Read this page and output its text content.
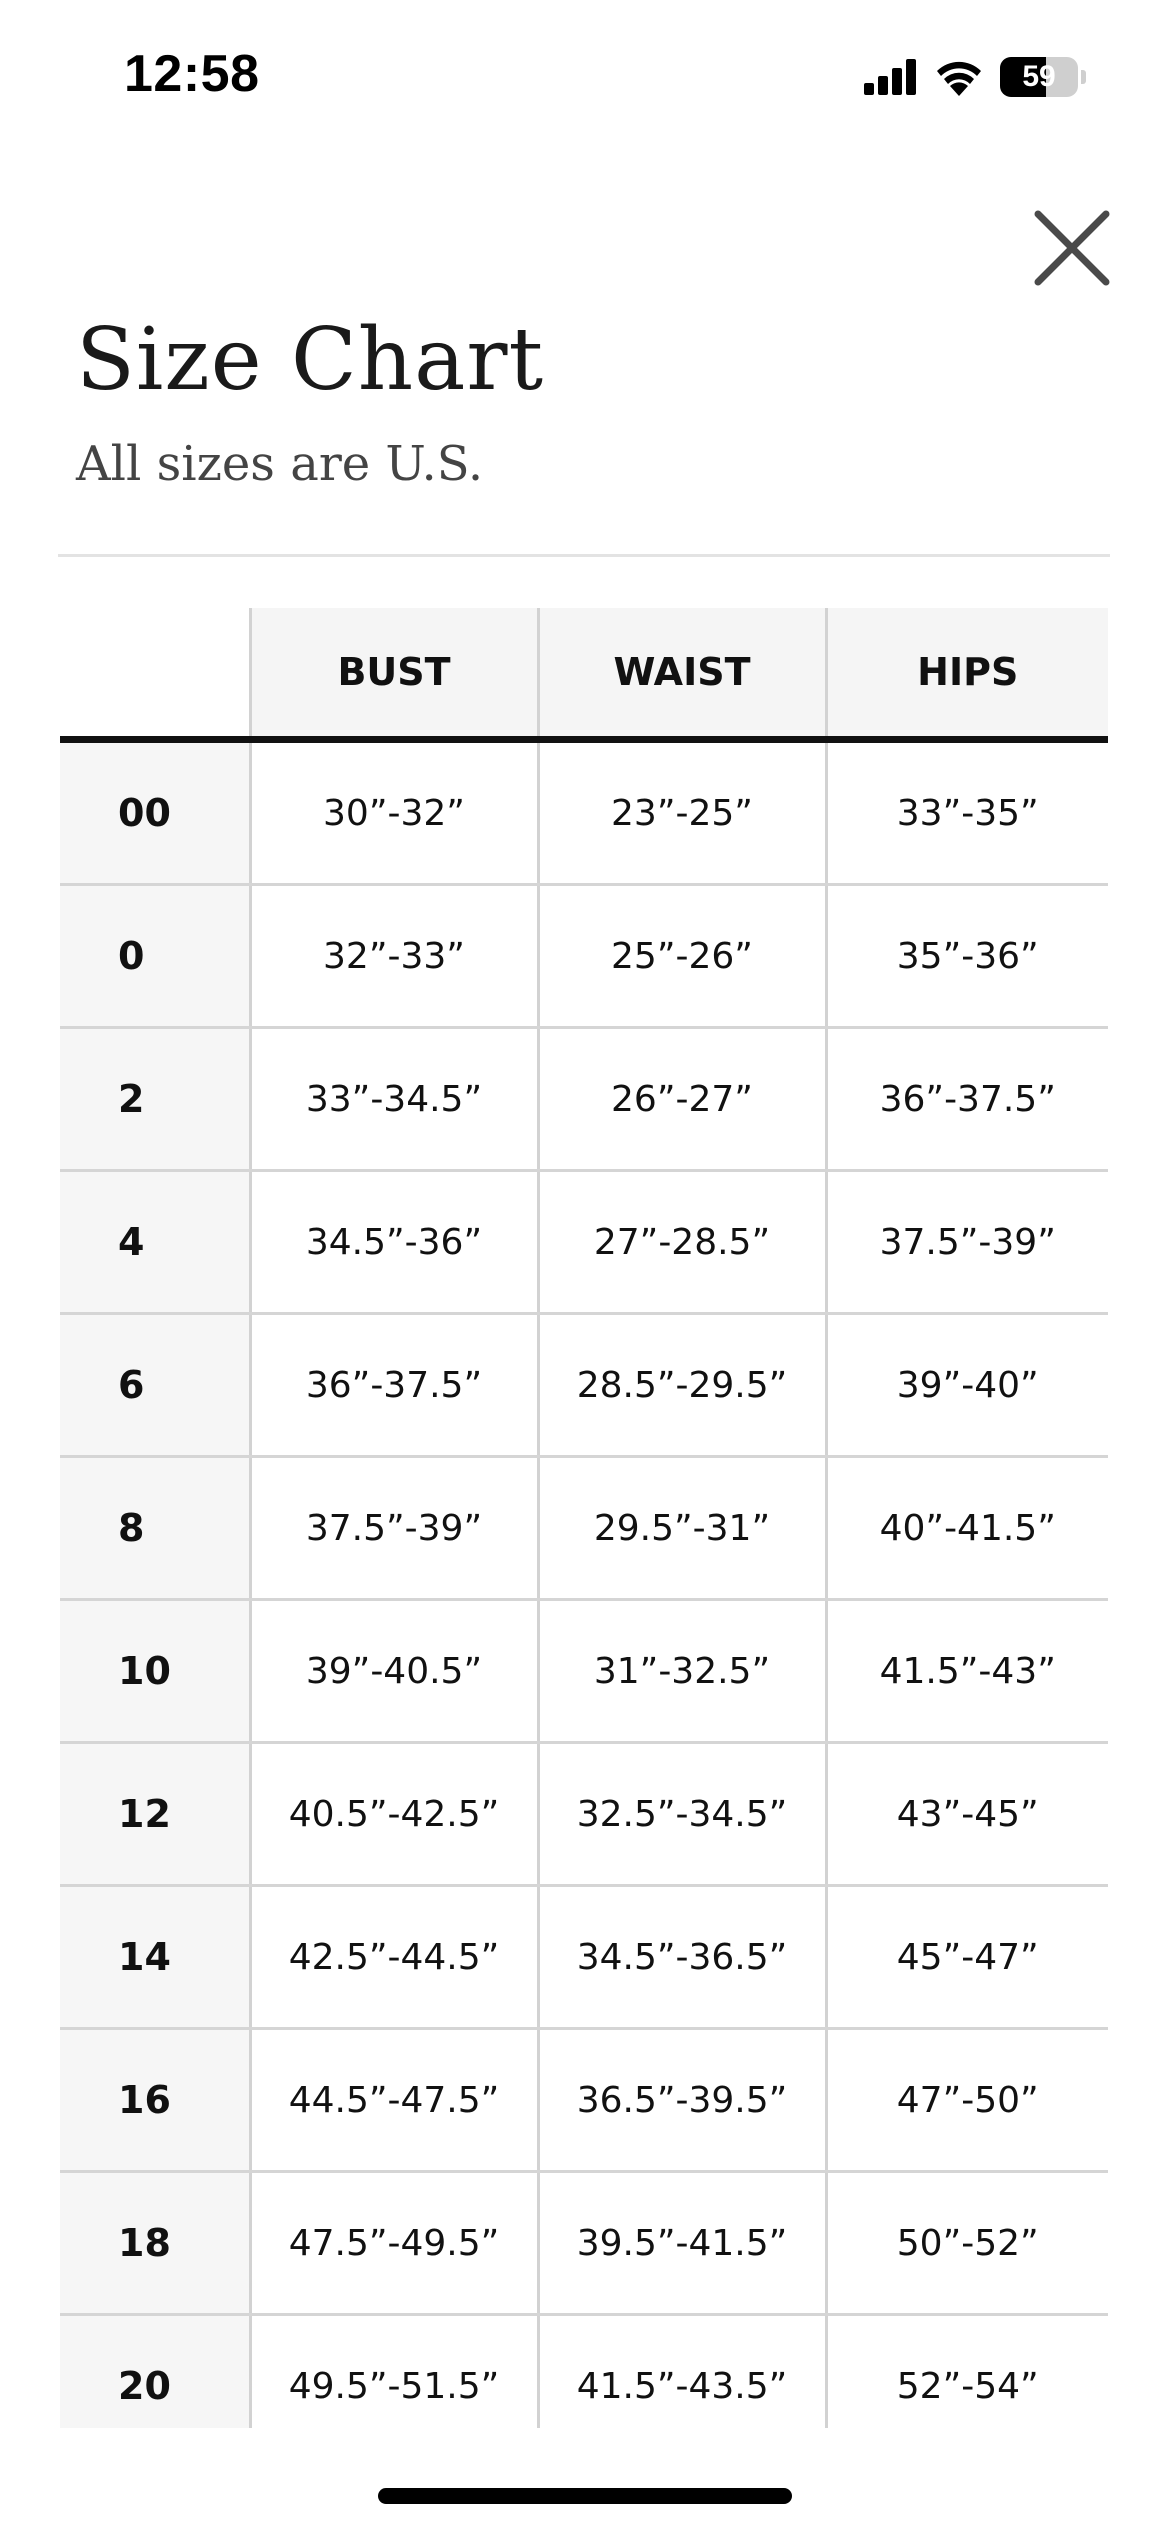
12:58	59
Size Chart
All sizes are U.S.
	BUST	WAIST	HIPS
00	30”-32”	23”-25”	33”-35”
0	32”-33”	25”-26”	35”-36”
2	33”-34.5”	26”-27”	36”-37.5”
4	34.5”-36”	27”-28.5”	37.5”-39”
6	36”-37.5”	28.5”-29.5”	39”-40”
8	37.5”-39”	29.5”-31”	40”-41.5”
10	39”-40.5”	31”-32.5”	41.5”-43”
12	40.5”-42.5”	32.5”-34.5”	43”-45”
14	42.5”-44.5”	34.5”-36.5”	45”-47”
16	44.5”-47.5”	36.5”-39.5”	47”-50”
18	47.5”-49.5”	39.5”-41.5”	50”-52”
20	49.5”-51.5”	41.5”-43.5”	52”-54”
